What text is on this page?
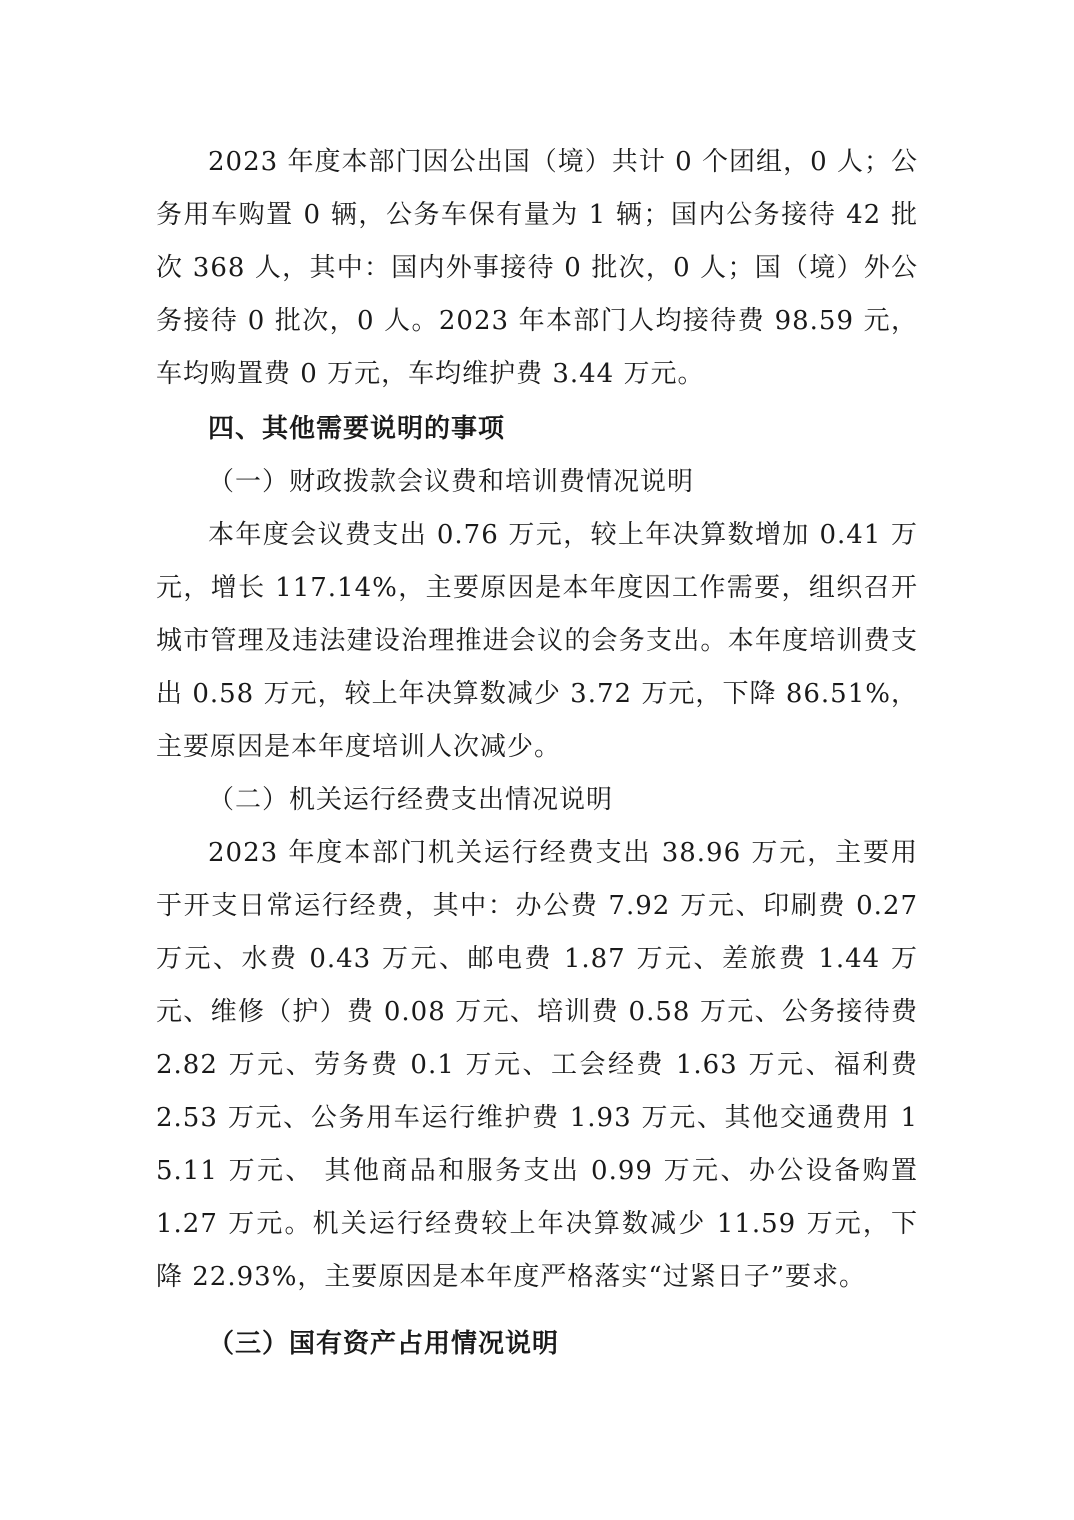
2023 年度本部门因公出国（境）共计 0 个团组，0 人；公务用车购置 0 辆，公务车保有量为 1 辆；国内公务接待 42 批次 368 人，其中：国内外事接待 0 批次，0 人；国（境）外公务接待 0 批次，0 人。2023 年本部门人均接待费 98.59 元，车均购置费 0 万元，车均维护费 3.44 万元。

四、其他需要说明的事项

（一）财政拨款会议费和培训费情况说明

本年度会议费支出 0.76 万元，较上年决算数增加 0.41 万元，增长 117.14%，主要原因是本年度因工作需要，组织召开城市管理及违法建设治理推进会议的会务支出。本年度培训费支出 0.58 万元，较上年决算数减少 3.72 万元，下降 86.51%，主要原因是本年度培训人次减少。

（二）机关运行经费支出情况说明

2023 年度本部门机关运行经费支出 38.96 万元，主要用于开支日常运行经费，其中：办公费 7.92 万元、印刷费 0.27 万元、水费 0.43 万元、邮电费 1.87 万元、差旅费 1.44 万元、维修（护）费 0.08 万元、培训费 0.58 万元、公务接待费 2.82 万元、劳务费 0.1 万元、工会经费 1.63 万元、福利费 2.53 万元、公务用车运行维护费 1.93 万元、其他交通费用 15.11 万元、 其他商品和服务支出 0.99 万元、办公设备购置 1.27 万元。机关运行经费较上年决算数减少 11.59 万元，下降 22.93%，主要原因是本年度严格落实“过紧日子”要求。

（三）国有资产占用情况说明
